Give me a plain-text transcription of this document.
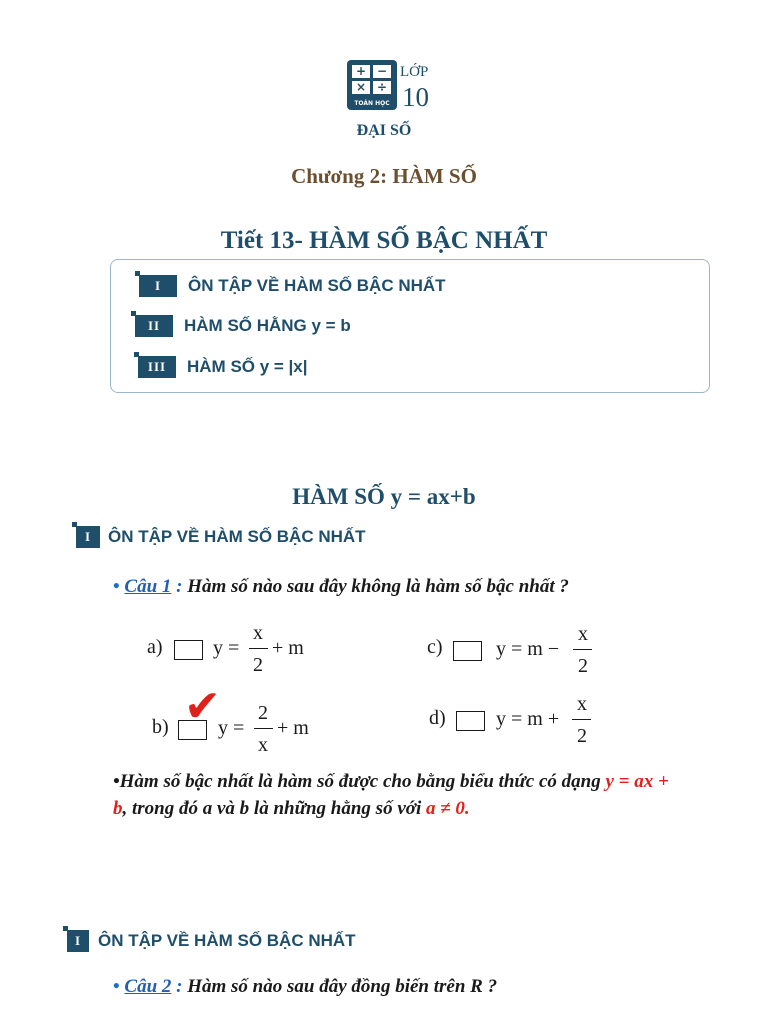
+ −
× ÷
TOÁN HỌC
LỚP
10
ĐẠI SỐ
Chương 2: HÀM SỐ
Tiết 13- HÀM SỐ BẬC NHẤT
I	ÔN TẬP VỀ HÀM SỐ BẬC NHẤT
II	HÀM SỐ HẰNG y = b
III	HÀM SỐ y = |x|
HÀM SỐ y = ax+b
I ÔN TẬP VỀ HÀM SỐ BẬC NHẤT
• Câu 1 : Hàm số nào sau đây không là hàm số bậc nhất ?
a)	y =
x
2
+ m	c)	y = m −
x
2
b) ✔
y =
2
x
+ m	d)	y = m +
x
2
•Hàm số bậc nhất là hàm số được cho bằng biểu thức có dạng y = ax + b, trong đó a và b là những hằng số với a ≠ 0.
I ÔN TẬP VỀ HÀM SỐ BẬC NHẤT
• Câu 2 : Hàm số nào sau đây đồng biến trên R ?
